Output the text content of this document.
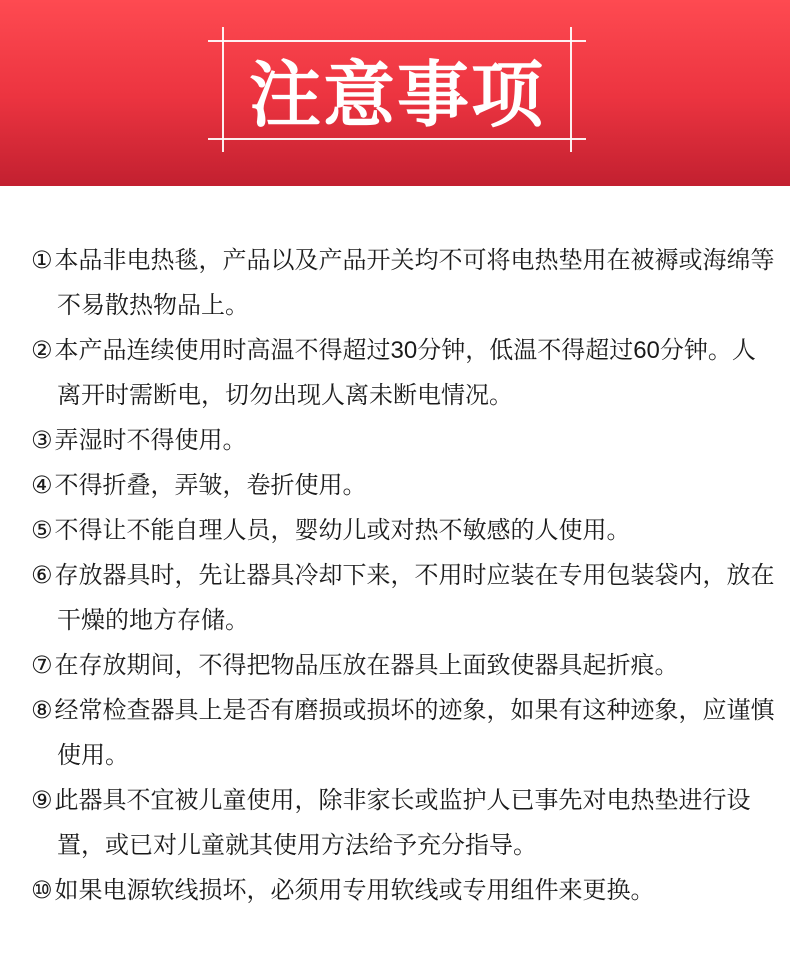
注意事项
①本品非电热毯，产品以及产品开关均不可将电热垫用在被褥或海绵等不易散热物品上。
②本产品连续使用时高温不得超过30分钟，低温不得超过60分钟。人离开时需断电，切勿出现人离未断电情况。
③弄湿时不得使用。
④不得折叠，弄皱，卷折使用。
⑤不得让不能自理人员，婴幼儿或对热不敏感的人使用。
⑥存放器具时，先让器具冷却下来，不用时应装在专用包装袋内，放在干燥的地方存储。
⑦在存放期间，不得把物品压放在器具上面致使器具起折痕。
⑧经常检查器具上是否有磨损或损坏的迹象，如果有这种迹象，应谨慎使用。
⑨此器具不宜被儿童使用，除非家长或监护人已事先对电热垫进行设置，或已对儿童就其使用方法给予充分指导。
⑩如果电源软线损坏，必须用专用软线或专用组件来更换。
